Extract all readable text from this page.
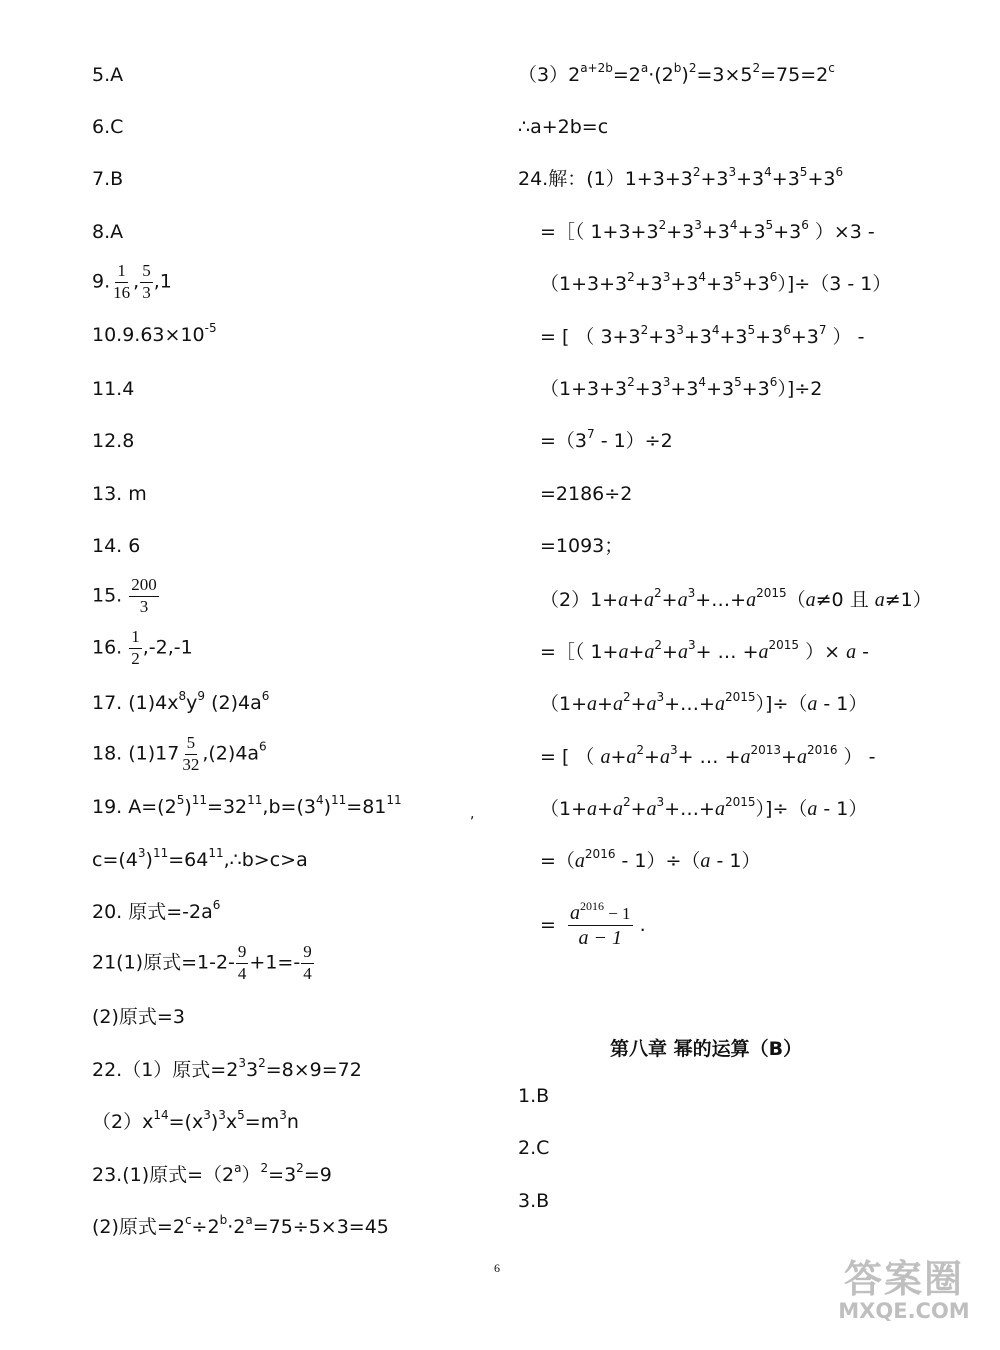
5.A
6.C
7.B
8.A
9. $\frac{1}{16}$ , $\frac{5}{3} ,1$
$10.9.63\times 10^{-5}$
11.4
12.8
13. m
14. 6
15. $\frac{200}{3}$
16. $\frac{1}{2} ,-2,-1$
17. $(1)4x^8y^9$ $(2)4a^6$
18. $(1)17 \frac{5}{32} ,(2)4a^6$
19. $A=(2^5)^{11}=32^{11},b=(3^4)^{11}=81^{11}$
$c=(4^3)^{11}=64^{11},\therefore b>c>a$
20. 原式$=-2a^6$
21(1)原式$=1-2- \frac{9}{4} +1=- \frac{9}{4}$
(2)原式=3
22.（1）原式$=2^33^2=8\times 9=72$
$(2)x^{14}=(x^3)^3x^5=m^3n$
23.(1)原式$=(2^a)^2=3^2=9$
(2)原式$=2^c\div 2^b\cdot 2^a=75\div 5\times 3=45$
$(3)2^{a+2b}=2^a\cdot(2^b)^2=3\times 5^2=75=2^c$
∴a+2b=c
24.解：$(1)1+3+3^2+3^3+3^4+3^5+3^6$
=［（ $1+3+3^2+3^3+3^4+3^5+3^6$ ）×3 -
$(1+3+3^2+3^3+3^4+3^5+3^6)]\div(3 - 1)$
= [ （ $3+3^2+3^3+3^4+3^5+3^6+3^7$ ） -
$(1+3+3^2+3^3+3^4+3^5+3^6)]\div 2$
$=(3^7 - 1)\div 2$
=2186÷2
=1093；
$(2)1+a+a^2+a^3+\dots+a^{2015}(a\ne 0$ 且 a≠1）
=［（ $1+a+a^2+a^3+$ … $+a^{2015}$ ）× a -
$(1+a+a^2+a^3+\dots+a^{2015})]\div(a - 1)$
= [ （ $a+a^2+a^3+$ … $+a^{2013}+a^{2016}$ ） -
$(1+a+a^2+a^3+\dots+a^{2015})]\div(a - 1)$
$=(a^{2016} - 1)\div(a - 1)$
= $\frac{a^{2016} - 1}{a - 1}$ .
第八章 幂的运算（B）
1.B
2.C
3.B
,
6	答案圈
MXQE.COM
